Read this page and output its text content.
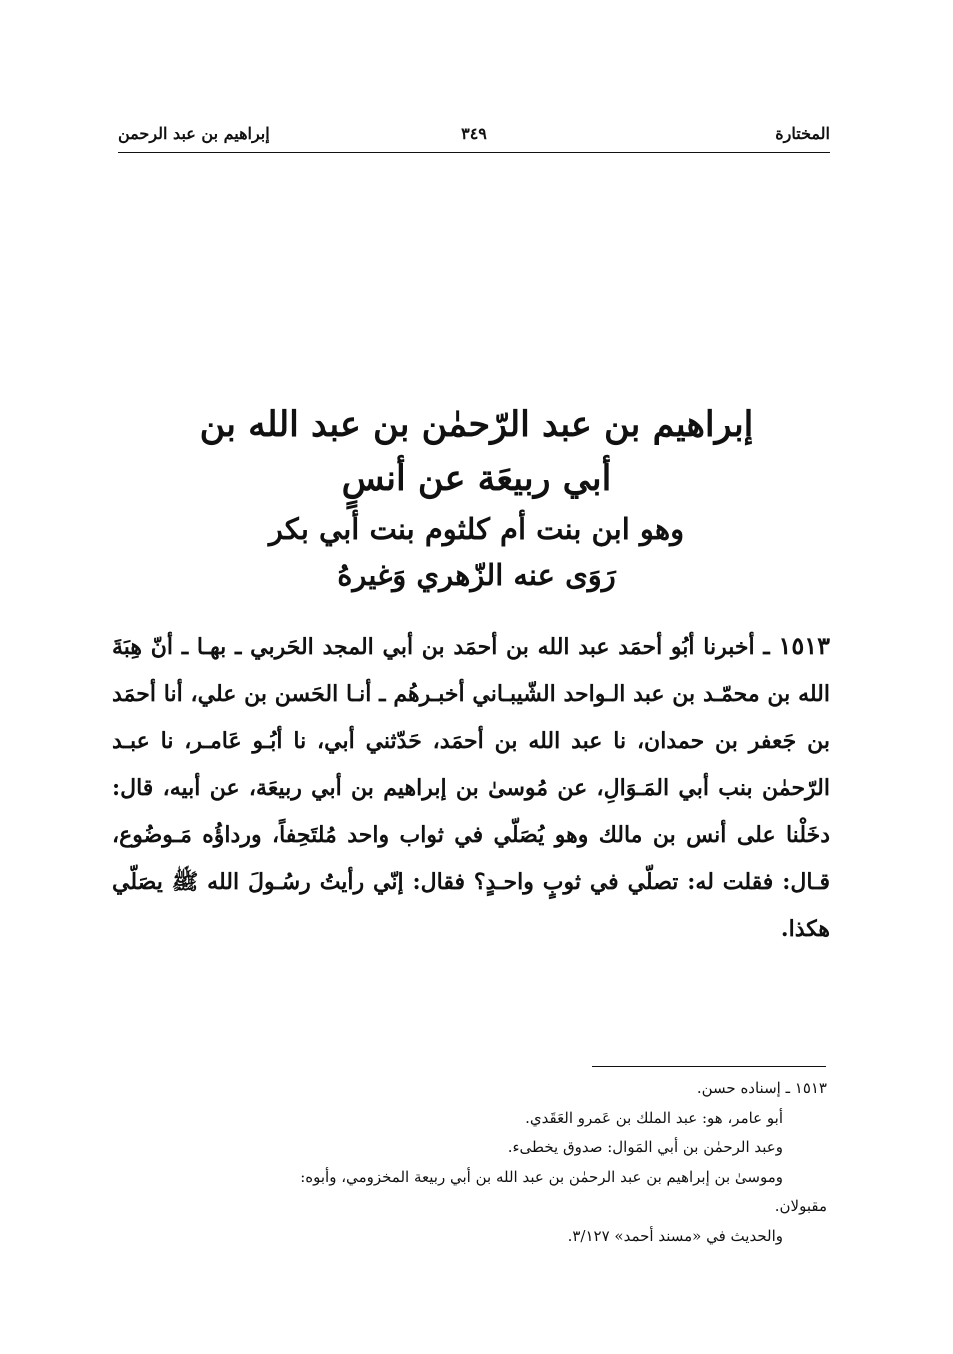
المختارة
٣٤٩
إبراهيم بن عبد الرحمن
إبراهيم بن عبد الرّحمٰن بن عبد الله بن
أبي ربيعَة عن أنسٍ
وهو ابن بنت أم كلثوم بنت أبي بكر
رَوَى عنه الزّهري وَغيرهُ
١٥١٣ ـ أخبرنا أبُو أحمَد عبد الله بن أحمَد بن أبي المجد الحَربي ـ بهـا ـ أنّ هِبَةَ الله بن محمّـد بن عبد الـواحد الشّيبـاني أخبـرهُم ـ أنـا الحَسن بن علي، أنا أحمَد بن جَعفر بن حمدان، نا عبد الله بن أحمَد، حَدّثني أبي، نا أبُـو عَامـر، نا عبـد الرّحمٰن بنب أبي المَـوَالِ، عن مُوسىٰ بن إبراهيم بن أبي ربيعَة، عن أبيه، قال: دخَلْنا على أنس بن مالك وهو يُصَلّي في ثواب واحد مُلتَحِفاً، ورداؤُه مَـوضُوع، قـال: فقلت له: تصلّي في ثوبٍ واحـدٍ؟ فقال: إنّي رأيتُ رسُـولَ الله ﷺ يصَلّي هكذا.
١٥١٣ ـ إسناده حسن.
أبو عامر، هو: عبد الملك بن عَمرو العَقَدي.
وعبد الرحمٰن بن أبي المَوال: صدوق يخطىء.
وموسىٰ بن إبراهيم بن عبد الرحمٰن بن عبد الله بن أبي ربيعة المخزومي، وأبوه:
مقبولان.
والحديث في «مسند أحمد» ٣/١٢٧.
